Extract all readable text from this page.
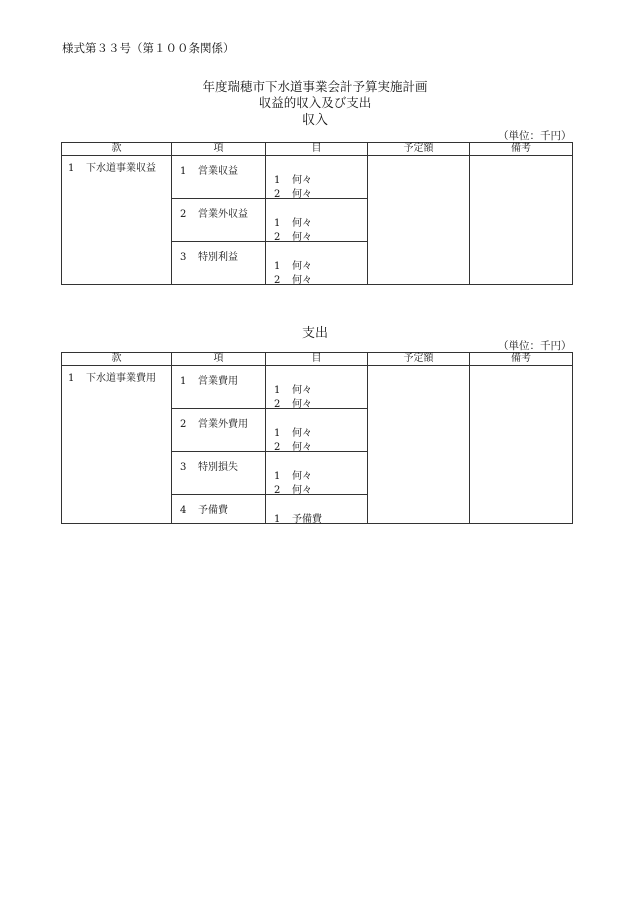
様式第３３号（第１００条関係）
年度瑞穂市下水道事業会計予算実施計画
収益的収入及び支出
収入
（単位：千円）
款	項	目	予定額	備考

1 下水道事業収益	1 営業収益	1 何々
2 何々		

	2 営業外収益	1 何々
2 何々		

	3 特別利益	1 何々
2 何々		
支出
（単位：千円）
款	項	目	予定額	備考

1 下水道事業費用	1 営業費用	1 何々
2 何々		

	2 営業外費用	1 何々
2 何々		

	3 特別損失	1 何々
2 何々		

	4 予備費	1 予備費		
